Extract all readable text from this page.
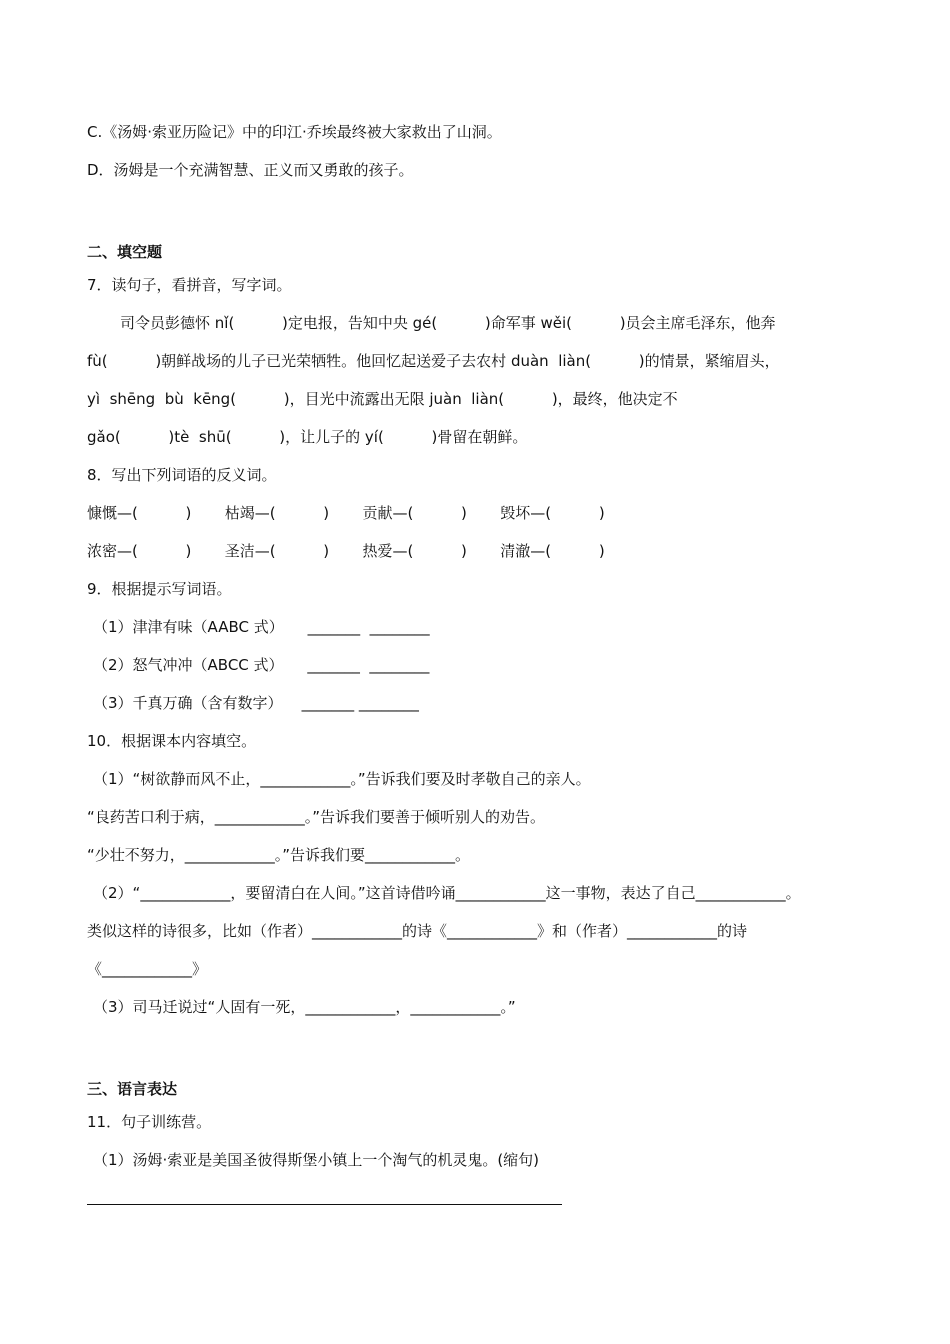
C.《汤姆·索亚历险记》中的印江·乔埃最终被大家救出了山洞。
D．汤姆是一个充满智慧、正义而又勇敢的孩子。
二、填空题
7．读句子，看拼音，写字词。
司令员彭德怀 nǐ(          )定电报，告知中央 gé(          )命军事 wěi(          )员会主席毛泽东，他奔
fù(          )朝鲜战场的儿子已光荣牺牲。他回忆起送爱子去农村 duàn  liàn(          )的情景，紧缩眉头，
yì  shēng  bù  kēng(          )，目光中流露出无限 juàn  liàn(          )，最终，他决定不
gǎo(          )tè  shū(          )，让儿子的 yí(          )骨留在朝鲜。
8．写出下列词语的反义词。
慷慨—(          )       枯竭—(          )       贡献—(          )       毁坏—(          )
浓密—(          )       圣洁—(          )       热爱—(          )       清澈—(          )
9．根据提示写词语。
（1）津津有味（AABC 式）     _______  ________
（2）怒气冲冲（ABCC 式）     _______  ________
（3）千真万确（含有数字）    _______ ________
10．根据课本内容填空。
（1）“树欲静而风不止，____________。”告诉我们要及时孝敬自己的亲人。
“良药苦口利于病，____________。”告诉我们要善于倾听别人的劝告。
“少壮不努力，____________。”告诉我们要____________。
（2）“____________，要留清白在人间。”这首诗借吟诵____________这一事物，表达了自己____________。
类似这样的诗很多，比如（作者）____________的诗《____________》和（作者）____________的诗
《____________》
（3）司马迁说过“人固有一死，____________，____________。”
三、语言表达
11．句子训练营。
（1）汤姆·索亚是美国圣彼得斯堡小镇上一个淘气的机灵鬼。(缩句)
